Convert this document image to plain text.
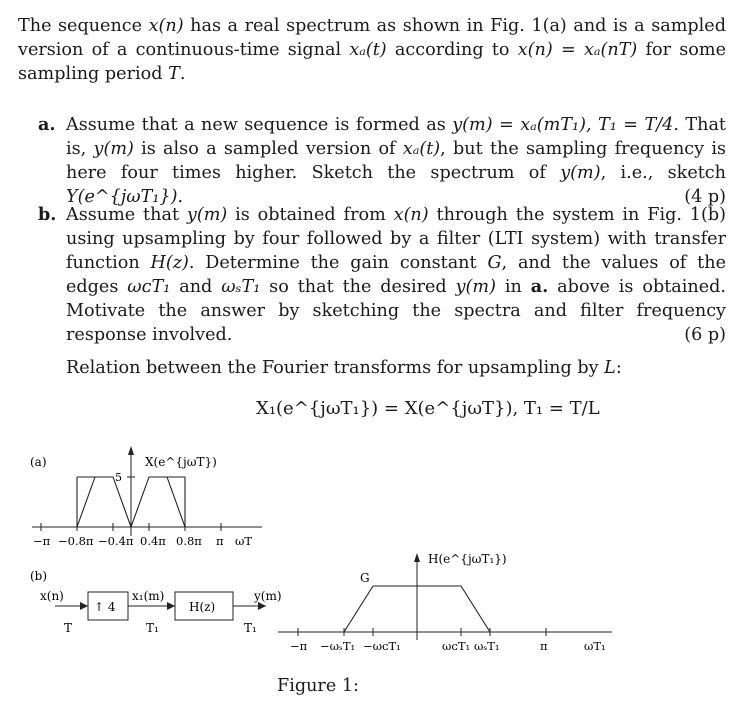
The sequence x(n) has a real spectrum as shown in Fig. 1(a) and is a sampled version of a continuous-time signal xₐ(t) according to x(n) = xₐ(nT) for some sampling period T.
a. Assume that a new sequence is formed as y(m) = xₐ(mT₁), T₁ = T/4. That is, y(m) is also a sampled version of xₐ(t), but the sampling frequency is here four times higher. Sketch the spectrum of y(m), i.e., sketch Y(e^{jωT₁}).	(4 p)
b. Assume that y(m) is obtained from x(n) through the system in Fig. 1(b) using upsampling by four followed by a filter (LTI system) with transfer function H(z). Determine the gain constant G, and the values of the edges ωᴄT₁ and ωₛT₁ so that the desired y(m) in a. above is obtained. Motivate the answer by sketching the spectra and filter frequency response involved.	(6 p)
Relation between the Fourier transforms for upsampling by L:
X₁(e^{jωT₁}) = X(e^{jωT}), T₁ = T/L
(a)	X(e^{jωT})
5
−π −0.8π −0.4π 0.4π 0.8π π ωT
(b)
x(n)
T
↑ 4
x₁(m)
T₁
H(z)
y(m)
T₁
H(e^{jωT₁})
G
−π −ωₛT₁ −ωᴄT₁	ωᴄT₁ ωₛT₁	π	ωT₁
Figure 1:
